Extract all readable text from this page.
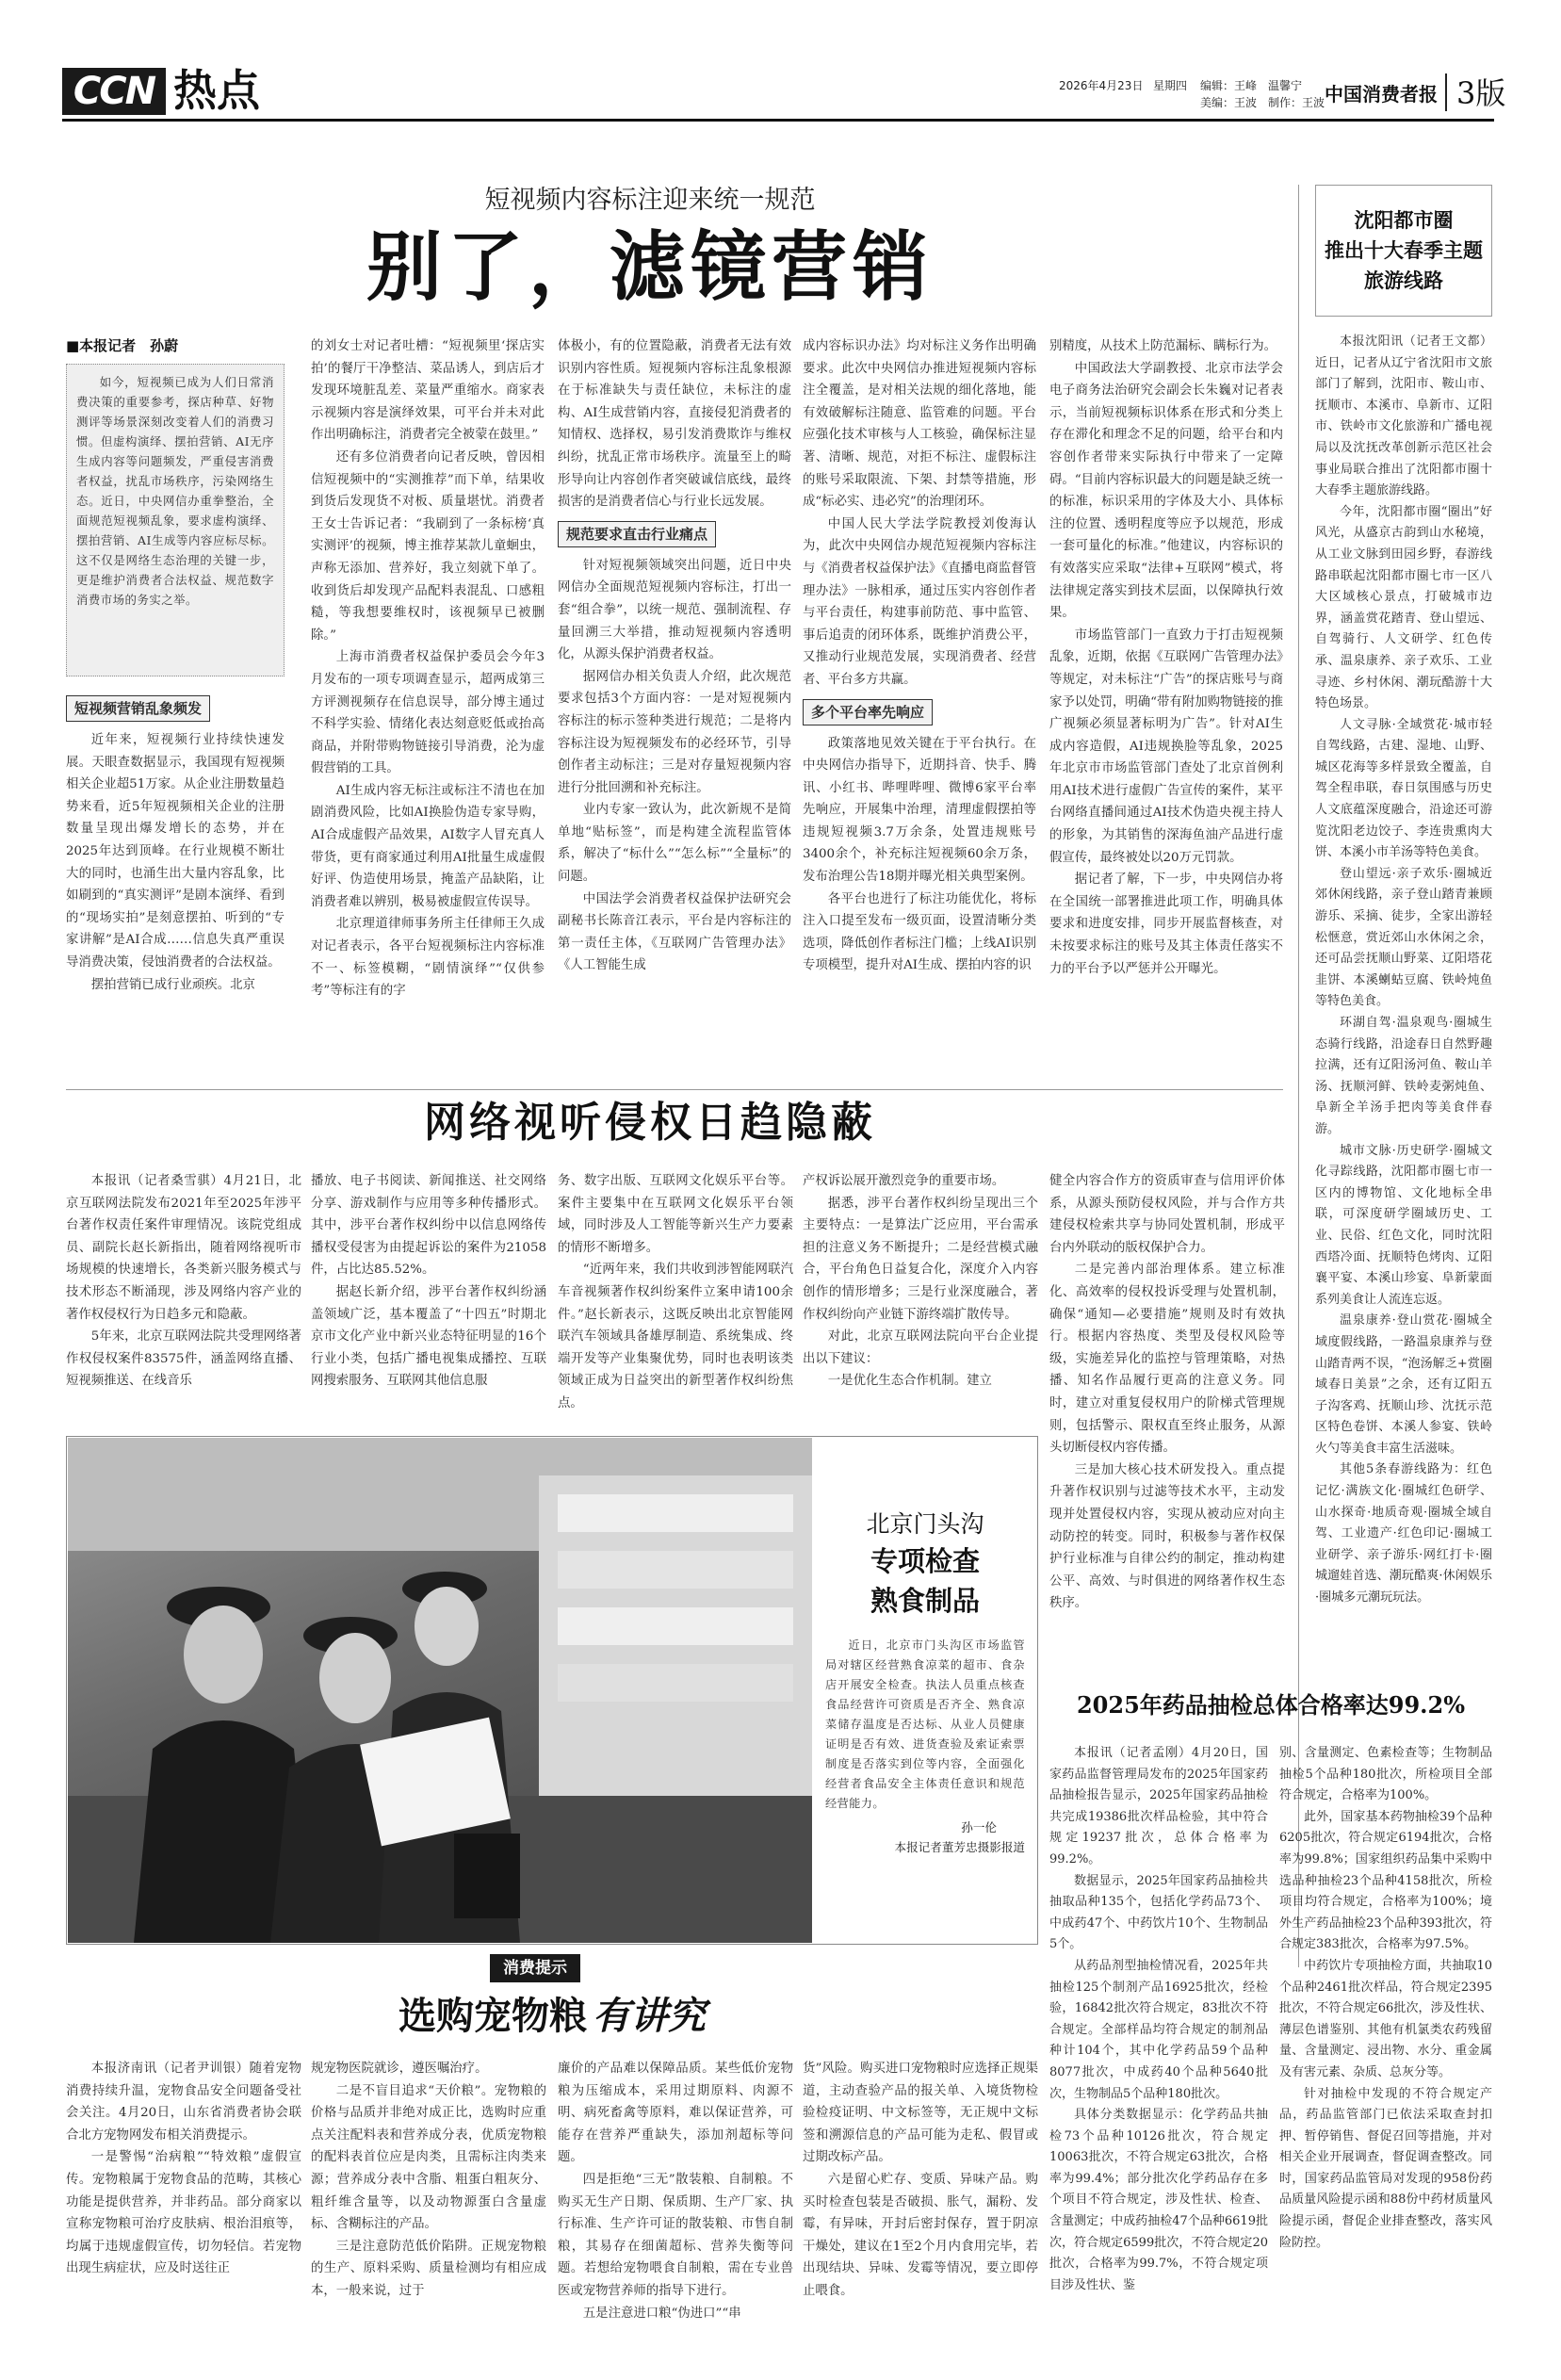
CCN 热点	2026年4月23日 星期四 编辑：王峰　温馨宁
美编：王波　制作：王波 中国消费者报 3版
短视频内容标注迎来统一规范
别了，滤镜营销
■本报记者　孙蔚
如今，短视频已成为人们日常消费决策的重要参考，探店种草、好物测评等场景深刻改变着人们的消费习惯。但虚构演绎、摆拍营销、AI无序生成内容等问题频发，严重侵害消费者权益，扰乱市场秩序，污染网络生态。近日，中央网信办重拳整治，全面规范短视频乱象，要求虚构演绎、摆拍营销、AI生成等内容应标尽标。这不仅是网络生态治理的关键一步，更是维护消费者合法权益、规范数字消费市场的务实之举。
短视频营销乱象频发

近年来，短视频行业持续快速发展。天眼查数据显示，我国现有短视频相关企业超51万家。从企业注册数量趋势来看，近5年短视频相关企业的注册数量呈现出爆发增长的态势，并在2025年达到顶峰。在行业规模不断壮大的同时，也涌生出大量内容乱象，比如刷到的“真实测评”是剧本演绎、看到的“现场实拍”是刻意摆拍、听到的“专家讲解”是AI合成……信息失真严重误导消费决策，侵蚀消费者的合法权益。

摆拍营销已成行业顽疾。北京

的刘女士对记者吐槽：“短视频里‘探店实拍’的餐厅干净整洁、菜品诱人，到店后才发现环境脏乱差、菜量严重缩水。商家表示视频内容是演绎效果，可平台并未对此作出明确标注，消费者完全被蒙在鼓里。”

还有多位消费者向记者反映，曾因相信短视频中的“实测推荐”而下单，结果收到货后发现货不对板、质量堪忧。消费者王女士告诉记者：“我刷到了一条标榜‘真实测评’的视频，博主推荐某款儿童蛔虫，声称无添加、营养好，我立刻就下单了。收到货后却发现产品配料表混乱、口感粗糙，等我想要维权时，该视频早已被删除。”

上海市消费者权益保护委员会今年3月发布的一项专项调查显示，超两成第三方评测视频存在信息误导，部分博主通过不科学实验、情绪化表达刻意贬低或抬高商品，并附带购物链接引导消费，沦为虚假营销的工具。

AI生成内容无标注或标注不清也在加剧消费风险，比如AI换脸伪造专家导购，AI合成虚假产品效果，AI数字人冒充真人带货，更有商家通过利用AI批量生成虚假好评、伪造使用场景，掩盖产品缺陷，让消费者难以辨别，极易被虚假宣传误导。

北京理道律师事务所主任律师王久成对记者表示，各平台短视频标注内容标准不一、标签模糊，“剧情演绎”“仅供参考”等标注有的字

体极小，有的位置隐蔽，消费者无法有效识别内容性质。短视频内容标注乱象根源在于标准缺失与责任缺位，未标注的虚构、AI生成营销内容，直接侵犯消费者的知情权、选择权，易引发消费欺诈与维权纠纷，扰乱正常市场秩序。流量至上的畸形导向让内容创作者突破诚信底线，最终损害的是消费者信心与行业长远发展。

规范要求直击行业痛点

针对短视频领域突出问题，近日中央网信办全面规范短视频内容标注，打出一套“组合拳”，以统一规范、强制流程、存量回溯三大举措，推动短视频内容透明化，从源头保护消费者权益。

据网信办相关负责人介绍，此次规范要求包括3个方面内容：一是对短视频内容标注的标示签种类进行规范；二是将内容标注设为短视频发布的必经环节，引导创作者主动标注；三是对存量短视频内容进行分批回溯和补充标注。

业内专家一致认为，此次新规不是简单地“贴标签”，而是构建全流程监管体系，解决了“标什么”“怎么标”“全量标”的问题。

中国法学会消费者权益保护法研究会副秘书长陈音江表示，平台是内容标注的第一责任主体，《互联网广告管理办法》《人工智能生成

成内容标识办法》均对标注义务作出明确要求。此次中央网信办推进短视频内容标注全覆盖，是对相关法规的细化落地，能有效破解标注随意、监管难的问题。平台应强化技术审核与人工核验，确保标注显著、清晰、规范，对拒不标注、虚假标注的账号采取限流、下架、封禁等措施，形成“标必实、违必究”的治理闭环。

中国人民大学法学院教授刘俊海认为，此次中央网信办规范短视频内容标注与《消费者权益保护法》《直播电商监督管理办法》一脉相承，通过压实内容创作者与平台责任，构建事前防范、事中监管、事后追责的闭环体系，既维护消费公平，又推动行业规范发展，实现消费者、经营者、平台多方共赢。

多个平台率先响应

政策落地见效关键在于平台执行。在中央网信办指导下，近期抖音、快手、腾讯、小红书、哔哩哔哩、微博6家平台率先响应，开展集中治理，清理虚假摆拍等违规短视频3.7万余条，处置违规账号3400余个，补充标注短视频60余万条，发布治理公告18期并曝光相关典型案例。

各平台也进行了标注功能优化，将标注入口提至发布一级页面，设置清晰分类选项，降低创作者标注门槛；上线AI识别专项模型，提升对AI生成、摆拍内容的识

别精度，从技术上防范漏标、瞒标行为。

中国政法大学副教授、北京市法学会电子商务法治研究会副会长朱巍对记者表示，当前短视频标识体系在形式和分类上存在滞化和理念不足的问题，给平台和内容创作者带来实际执行中带来了一定障碍。“目前内容标识最大的问题是缺乏统一的标准，标识采用的字体及大小、具体标注的位置、透明程度等应予以规范，形成一套可量化的标准。”他建议，内容标识的有效落实应采取“法律+互联网”模式，将法律规定落实到技术层面，以保障执行效果。

市场监管部门一直致力于打击短视频乱象，近期，依据《互联网广告管理办法》等规定，对未标注“广告”的探店账号与商家予以处罚，明确“带有附加购物链接的推广视频必须显著标明为广告”。针对AI生成内容造假，AI违规换脸等乱象，2025年北京市市场监管部门查处了北京首例利用AI技术进行虚假广告宣传的案件，某平台网络直播间通过AI技术伪造央视主持人的形象，为其销售的深海鱼油产品进行虚假宣传，最终被处以20万元罚款。

据记者了解，下一步，中央网信办将在全国统一部署推进此项工作，明确具体要求和进度安排，同步开展监督核查，对未按要求标注的账号及其主体责任落实不力的平台予以严惩并公开曝光。

沈阳都市圈
推出十大春季主题
旅游线路

本报沈阳讯（记者王文都）近日，记者从辽宁省沈阳市文旅部门了解到，沈阳市、鞍山市、抚顺市、本溪市、阜新市、辽阳市、铁岭市文化旅游和广播电视局以及沈抚改革创新示范区社会事业局联合推出了沈阳都市圈十大春季主题旅游线路。

今年，沈阳都市圈“圈出”好风光，从盛京古韵到山水秘境，从工业文脉到田园乡野，春游线路串联起沈阳都市圈七市一区八大区域核心景点，打破城市边界，涵盖赏花踏青、登山望远、自驾骑行、人文研学、红色传承、温泉康养、亲子欢乐、工业寻迹、乡村休闲、潮玩酷游十大特色场景。

人文寻脉·全域赏花·城市轻自驾线路，古建、湿地、山野、城区花海等多样景致全覆盖，自驾全程串联，春日氛围感与历史人文底蕴深度融合，沿途还可游览沈阳老边饺子、李连贵熏肉大饼、本溪小市羊汤等特色美食。

登山望远·亲子欢乐·圈城近郊休闲线路，亲子登山踏青兼顾游乐、采摘、徒步，全家出游轻松惬意，赏近郊山水休闲之余，还可品尝抚顺山野菜、辽阳塔花韭饼、本溪蝲蛄豆腐、铁岭炖鱼等特色美食。

环湖自驾·温泉观鸟·圈城生态骑行线路，沿途春日自然野趣拉满，还有辽阳汤河鱼、鞍山羊汤、抚顺河鲜、铁岭麦粥炖鱼、阜新全羊汤手把肉等美食伴春游。

城市文脉·历史研学·圈城文化寻踪线路，沈阳都市圈七市一区内的博物馆、文化地标全串联，可深度研学圈域历史、工业、民俗、红色文化，同时沈阳西塔冷面、抚顺特色烤肉、辽阳襄平宴、本溪山珍宴、阜新蒙面系列美食让人流连忘返。

温泉康养·登山赏花·圈城全域度假线路，一路温泉康养与登山踏青两不误，“泡汤解乏+赏圈域春日美景”之余，还有辽阳五子沟客鸡、抚顺山珍、沈抚示范区特色卷饼、本溪人参宴、铁岭火勺等美食丰富生活滋味。

其他5条春游线路为：红色记忆·满族文化·圈城红色研学、山水探奇·地质奇观·圈城全域自驾、工业遗产·红色印记·圈城工业研学、亲子游乐·网红打卡·圈城遛娃首选、潮玩酷爽·休闲娱乐·圈城多元潮玩玩法。

网络视听侵权日趋隐蔽

本报讯（记者桑雪骐）4月21日，北京互联网法院发布2021年至2025年涉平台著作权责任案件审理情况。该院党组成员、副院长赵长新指出，随着网络视听市场规模的快速增长，各类新兴服务模式与技术形态不断涌现，涉及网络内容产业的著作权侵权行为日趋多元和隐蔽。

5年来，北京互联网法院共受理网络著作权侵权案件83575件，涵盖网络直播、短视频推送、在线音乐

播放、电子书阅读、新闻推送、社交网络分享、游戏制作与应用等多种传播形式。其中，涉平台著作权纠纷中以信息网络传播权受侵害为由提起诉讼的案件为21058件，占比达85.52%。

据赵长新介绍，涉平台著作权纠纷涵盖领域广泛，基本覆盖了“十四五”时期北京市文化产业中新兴业态特征明显的16个行业小类，包括广播电视集成播控、互联网搜索服务、互联网其他信息服

务、数字出版、互联网文化娱乐平台等。案件主要集中在互联网文化娱乐平台领域，同时涉及人工智能等新兴生产力要素的情形不断增多。

“近两年来，我们共收到涉智能网联汽车音视频著作权纠纷案件立案申请100余件。”赵长新表示，这既反映出北京智能网联汽车领域具备雄厚制造、系统集成、终端开发等产业集聚优势，同时也表明该类领域正成为日益突出的新型著作权纠纷焦点。

产权诉讼展开激烈竞争的重要市场。

据悉，涉平台著作权纠纷呈现出三个主要特点：一是算法广泛应用，平台需承担的注意义务不断提升；二是经营模式融合，平台角色日益复合化，深度介入内容创作的情形增多；三是行业深度融合，著作权纠纷向产业链下游终端扩散传导。

对此，北京互联网法院向平台企业提出以下建议：

一是优化生态合作机制。建立

健全内容合作方的资质审查与信用评价体系，从源头预防侵权风险，并与合作方共建侵权检索共享与协同处置机制，形成平台内外联动的版权保护合力。

二是完善内部治理体系。建立标准化、高效率的侵权投诉受理与处置机制，确保“通知—必要措施”规则及时有效执行。根据内容热度、类型及侵权风险等级，实施差异化的监控与管理策略，对热播、知名作品履行更高的注意义务。同时，建立对重复侵权用户的阶梯式管理规则，包括警示、限权直至终止服务，从源头切断侵权内容传播。

三是加大核心技术研发投入。重点提升著作权识别与过滤等技术水平，主动发现并处置侵权内容，实现从被动应对向主动防控的转变。同时，积极参与著作权保护行业标准与自律公约的制定，推动构建公平、高效、与时俱进的网络著作权生态秩序。

北京门头沟
专项检查
熟食制品
近日，北京市门头沟区市场监管局对辖区经营熟食凉菜的超市、食杂店开展安全检查。执法人员重点核查食品经营许可资质是否齐全、熟食凉菜储存温度是否达标、从业人员健康证明是否有效、进货查验及索证索票制度是否落实到位等内容，全面强化经营者食品安全主体责任意识和规范经营能力。
孙一伦
本报记者董芳忠摄影报道
2025年药品抽检总体合格率达99.2%

本报讯（记者孟刚）4月20日，国家药品监督管理局发布的2025年国家药品抽检报告显示，2025年国家药品抽检共完成19386批次样品检验，其中符合规定19237批次，总体合格率为99.2%。

数据显示，2025年国家药品抽检共抽取品种135个，包括化学药品73个、中成药47个、中药饮片10个、生物制品5个。

从药品剂型抽检情况看，2025年共抽检125个制剂产品16925批次，经检验，16842批次符合规定，83批次不符合规定。全部样品均符合规定的制剂品种计104个，其中化学药品59个品种8077批次，中成药40个品种5640批次，生物制品5个品种180批次。

具体分类数据显示：化学药品共抽检73个品种10126批次，符合规定10063批次，不符合规定63批次，合格率为99.4%；部分批次化学药品存在多个项目不符合规定，涉及性状、检查、含量测定；中成药抽检47个品种6619批次，符合规定6599批次，不符合规定20批次，合格率为99.7%，不符合规定项目涉及性状、鉴

别、含量测定、色素检查等；生物制品抽检5个品种180批次，所检项目全部符合规定，合格率为100%。

此外，国家基本药物抽检39个品种6205批次，符合规定6194批次，合格率为99.8%；国家组织药品集中采购中选品种抽检23个品种4158批次，所检项目均符合规定，合格率为100%；境外生产药品抽检23个品种393批次，符合规定383批次，合格率为97.5%。

中药饮片专项抽检方面，共抽取10个品种2461批次样品，符合规定2395批次，不符合规定66批次，涉及性状、薄层色谱鉴别、其他有机氯类农药残留量、含量测定、浸出物、水分、重金属及有害元素、杂质、总灰分等。

针对抽检中发现的不符合规定产品，药品监管部门已依法采取查封扣押、暂停销售、督促召回等措施，并对相关企业开展调查，督促调查整改。同时，国家药品监管局对发现的958份药品质量风险提示函和88份中药材质量风险提示函，督促企业排查整改，落实风险防控。

消费提示
选购宠物粮 有讲究

本报济南讯（记者尹训银）随着宠物消费持续升温，宠物食品安全问题备受社会关注。4月20日，山东省消费者协会联合北方宠物网发布相关消费提示。

一是警惕“治病粮”“特效粮”虚假宣传。宠物粮属于宠物食品的范畴，其核心功能是提供营养，并非药品。部分商家以宣称宠物粮可治疗皮肤病、根治泪痕等，均属于违规虚假宣传，切勿轻信。若宠物出现生病症状，应及时送往正

规宠物医院就诊，遵医嘱治疗。

二是不盲目追求“天价粮”。宠物粮的价格与品质并非绝对成正比，选购时应重点关注配料表和营养成分表，优质宠物粮的配料表首位应是肉类，且需标注肉类来源；营养成分表中含脂、粗蛋白粗灰分、粗纤维含量等，以及动物源蛋白含量虚标、含糊标注的产品。

三是注意防范低价陷阱。正规宠物粮的生产、原料采购、质量检测均有相应成本，一般来说，过于

廉价的产品难以保障品质。某些低价宠物粮为压缩成本，采用过期原料、肉源不明、病死畜禽等原料，难以保证营养，可能存在营养严重缺失，添加剂超标等问题。

四是拒绝“三无”散装粮、自制粮。不购买无生产日期、保质期、生产厂家、执行标准、生产许可证的散装粮、市售自制粮，其易存在细菌超标、营养失衡等问题。若想给宠物喂食自制粮，需在专业兽医或宠物营养师的指导下进行。

五是注意进口粮“伪进口”“串

货”风险。购买进口宠物粮时应选择正规渠道，主动查验产品的报关单、入境货物检验检疫证明、中文标签等，无正规中文标签和溯源信息的产品可能为走私、假冒或过期改标产品。

六是留心贮存、变质、异味产品。购买时检查包装是否破损、胀气，漏粉、发霉，有异味，开封后密封保存，置于阴凉干燥处，建议在1至2个月内食用完毕，若出现结块、异味、发霉等情况，要立即停止喂食。
